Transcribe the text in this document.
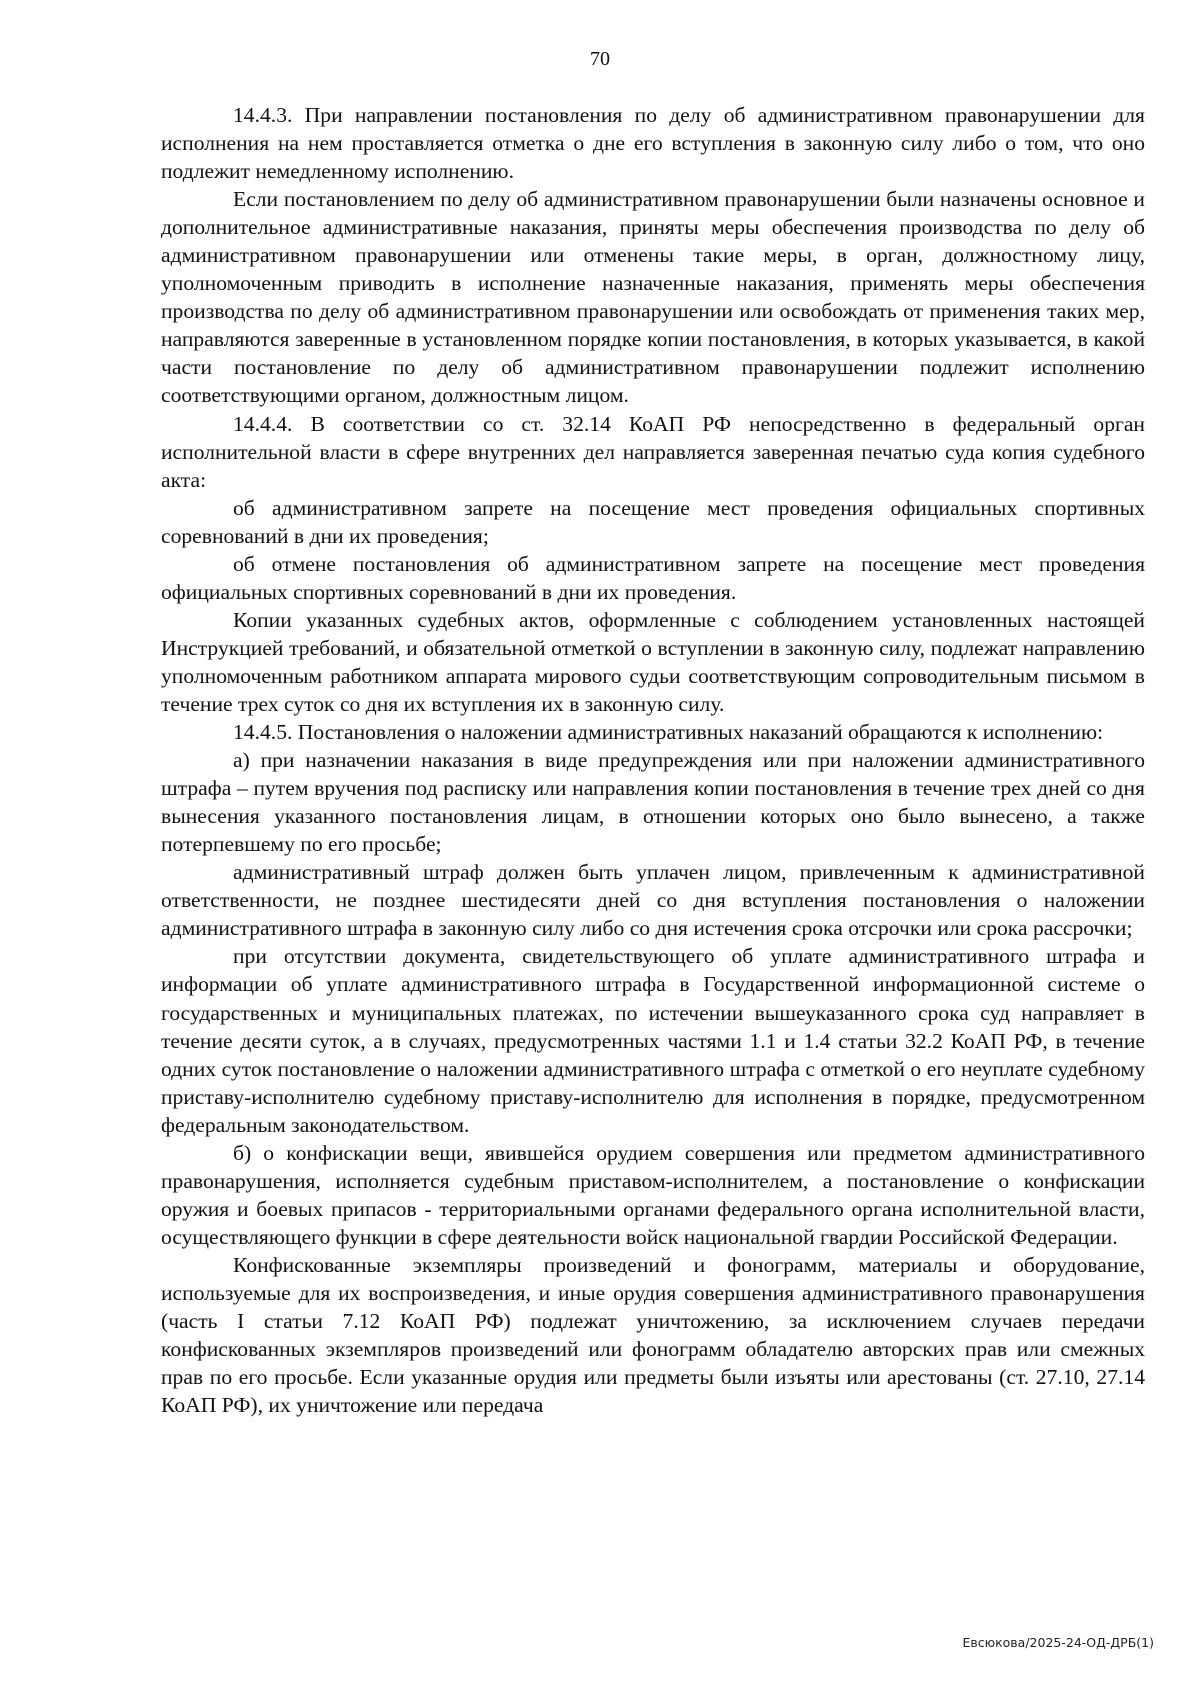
70

14.4.3. При направлении постановления по делу об административном правонарушении для исполнения на нем проставляется отметка о дне его вступления в законную силу либо о том, что оно подлежит немедленному исполнению.

Если постановлением по делу об административном правонарушении были назначены основное и дополнительное административные наказания, приняты меры обеспечения производства по делу об административном правонарушении или отменены такие меры, в орган, должностному лицу, уполномоченным приводить в исполнение назначенные наказания, применять меры обеспечения производства по делу об административном правонарушении или освобождать от применения таких мер, направляются заверенные в установленном порядке копии постановления, в которых указывается, в какой части постановление по делу об административном правонарушении подлежит исполнению соответствующими органом, должностным лицом.

14.4.4. В соответствии со ст. 32.14 КоАП РФ непосредственно в федеральный орган исполнительной власти в сфере внутренних дел направляется заверенная печатью суда копия судебного акта:

об административном запрете на посещение мест проведения официальных спортивных соревнований в дни их проведения;

об отмене постановления об административном запрете на посещение мест проведения официальных спортивных соревнований в дни их проведения.

Копии указанных судебных актов, оформленные с соблюдением установленных настоящей Инструкцией требований, и обязательной отметкой о вступлении в законную силу, подлежат направлению уполномоченным работником аппарата мирового судьи соответствующим сопроводительным письмом в течение трех суток со дня их вступления их в законную силу.

14.4.5. Постановления о наложении административных наказаний обращаются к исполнению:

а) при назначении наказания в виде предупреждения или при наложении административного штрафа – путем вручения под расписку или направления копии постановления в течение трех дней со дня вынесения указанного постановления лицам, в отношении которых оно было вынесено, а также потерпевшему по его просьбе;

административный штраф должен быть уплачен лицом, привлеченным к административной ответственности, не позднее шестидесяти дней со дня вступления постановления о наложении административного штрафа в законную силу либо со дня истечения срока отсрочки или срока рассрочки;

при отсутствии документа, свидетельствующего об уплате административного штрафа и информации об уплате административного штрафа в Государственной информационной системе о государственных и муниципальных платежах, по истечении вышеуказанного срока суд направляет в течение десяти суток, а в случаях, предусмотренных частями 1.1 и 1.4 статьи 32.2 КоАП РФ, в течение одних суток постановление о наложении административного штрафа с отметкой о его неуплате судебному приставу-исполнителю судебному приставу-исполнителю для исполнения в порядке, предусмотренном федеральным законодательством.

б) о конфискации вещи, явившейся орудием совершения или предметом административного правонарушения, исполняется судебным приставом-исполнителем, а постановление о конфискации оружия и боевых припасов - территориальными органами федерального органа исполнительной власти, осуществляющего функции в сфере деятельности войск национальной гвардии Российской Федерации.

Конфискованные экземпляры произведений и фонограмм, материалы и оборудование, используемые для их воспроизведения, и иные орудия совершения административного правонарушения (часть I статьи 7.12 КоАП РФ) подлежат уничтожению, за исключением случаев передачи конфискованных экземпляров произведений или фонограмм обладателю авторских прав или смежных прав по его просьбе. Если указанные орудия или предметы были изъяты или арестованы (ст. 27.10, 27.14 КоАП РФ), их уничтожение или передача

Евсюкова/2025-24-ОД-ДРБ(1)
